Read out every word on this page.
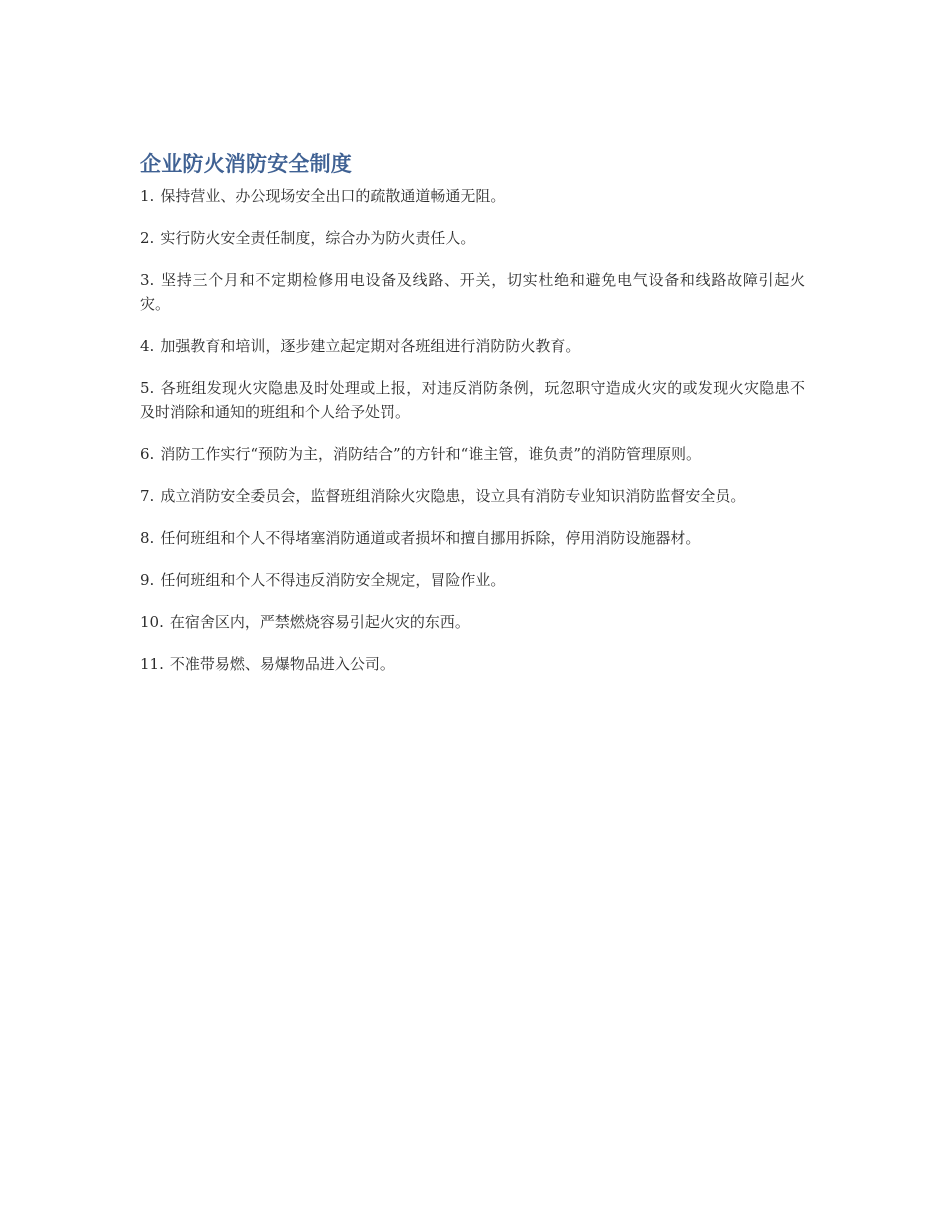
企业防火消防安全制度
1. 保持营业、办公现场安全出口的疏散通道畅通无阻。
2. 实行防火安全责任制度，综合办为防火责任人。
3. 坚持三个月和不定期检修用电设备及线路、开关，切实杜绝和避免电气设备和线路故障引起火灾。
4. 加强教育和培训，逐步建立起定期对各班组进行消防防火教育。
5. 各班组发现火灾隐患及时处理或上报，对违反消防条例，玩忽职守造成火灾的或发现火灾隐患不及时消除和通知的班组和个人给予处罚。
6. 消防工作实行“预防为主，消防结合”的方针和“谁主管，谁负责”的消防管理原则。
7. 成立消防安全委员会，监督班组消除火灾隐患，设立具有消防专业知识消防监督安全员。
8. 任何班组和个人不得堵塞消防通道或者损坏和擅自挪用拆除，停用消防设施器材。
9. 任何班组和个人不得违反消防安全规定，冒险作业。
10. 在宿舍区内，严禁燃烧容易引起火灾的东西。
11. 不准带易燃、易爆物品进入公司。
